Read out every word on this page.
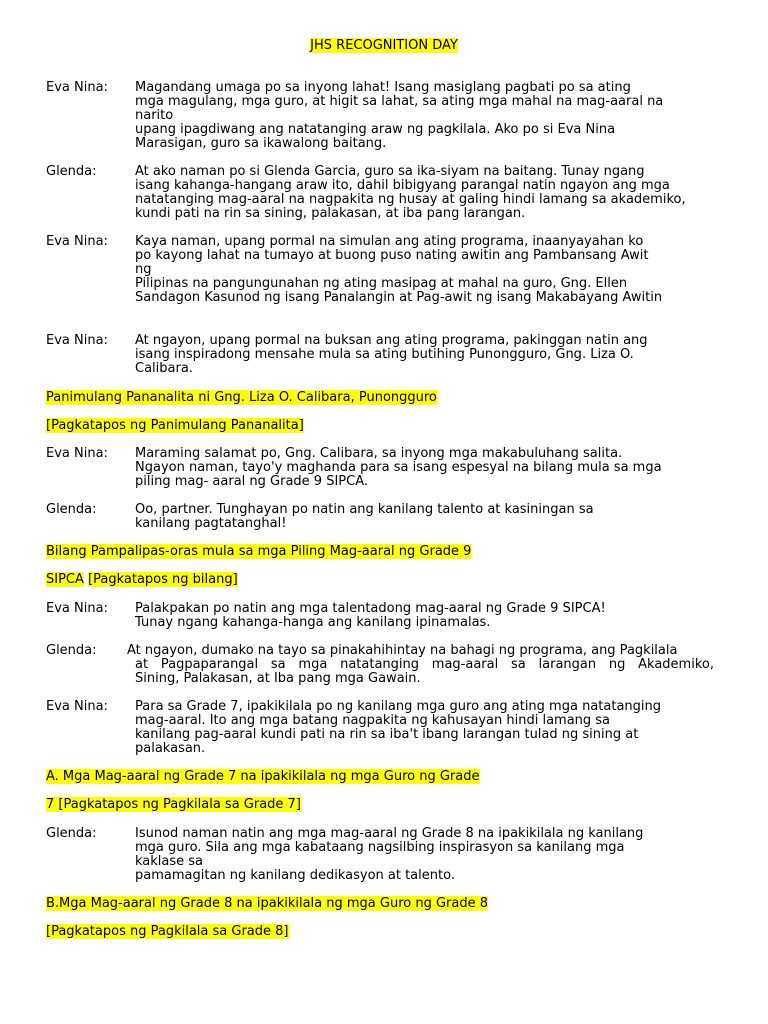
JHS RECOGNITION DAY
Eva Nina: Magandang umaga po sa inyong lahat! Isang masiglang pagbati po sa ating
mga magulang, mga guro, at higit sa lahat, sa ating mga mahal na mag-aaral na
narito
upang ipagdiwang ang natatanging araw ng pagkilala. Ako po si Eva Nina
Marasigan, guro sa ikawalong baitang.
Glenda:	At ako naman po si Glenda Garcia, guro sa ika-siyam na baitang. Tunay ngang
isang kahanga-hangang araw ito, dahil bibigyang parangal natin ngayon ang mga
natatanging mag-aaral na nagpakita ng husay at galing hindi lamang sa akademiko,
kundi pati na rin sa sining, palakasan, at iba pang larangan.
Eva Nina: Kaya naman, upang pormal na simulan ang ating programa, inaanyayahan ko
po kayong lahat na tumayo at buong puso nating awitin ang Pambansang Awit
ng
Pilipinas na pangungunahan ng ating masipag at mahal na guro, Gng. Ellen
Sandagon Kasunod ng isang Panalangin at Pag-awit ng isang Makabayang Awitin
Eva Nina: At ngayon, upang pormal na buksan ang ating programa, pakinggan natin ang
isang inspiradong mensahe mula sa ating butihing Punongguro, Gng. Liza O.
Calibara.
Panimulang Pananalita ni Gng. Liza O. Calibara, Punongguro
[Pagkatapos ng Panimulang Pananalita]
Eva Nina: Maraming salamat po, Gng. Calibara, sa inyong mga makabuluhang salita.
Ngayon naman, tayo'y maghanda para sa isang espesyal na bilang mula sa mga
piling mag- aaral ng Grade 9 SIPCA.
Glenda:	Oo, partner. Tunghayan po natin ang kanilang talento at kasiningan sa
kanilang pagtatanghal!
Bilang Pampalipas-oras mula sa mga Piling Mag-aaral ng Grade 9
SIPCA [Pagkatapos ng bilang]
Eva Nina: Palakpakan po natin ang mga talentadong mag-aaral ng Grade 9 SIPCA!
Tunay ngang kahanga-hanga ang kanilang ipinamalas.
Glenda: At ngayon, dumako na tayo sa pinakahihintay na bahagi ng programa, ang Pagkilala
at Pagpaparangal sa mga natatanging mag-aaral sa larangan ng Akademiko,
Sining, Palakasan, at Iba pang mga Gawain.
Eva Nina: Para sa Grade 7, ipakikilala po ng kanilang mga guro ang ating mga natatanging
mag-aaral. Ito ang mga batang nagpakita ng kahusayan hindi lamang sa
kanilang pag-aaral kundi pati na rin sa iba't ibang larangan tulad ng sining at
palakasan.
A. Mga Mag-aaral ng Grade 7 na ipakikilala ng mga Guro ng Grade
7 [Pagkatapos ng Pagkilala sa Grade 7]
Glenda:	Isunod naman natin ang mga mag-aaral ng Grade 8 na ipakikilala ng kanilang
mga guro. Sila ang mga kabataang nagsilbing inspirasyon sa kanilang mga
kaklase sa
pamamagitan ng kanilang dedikasyon at talento.
B.Mga Mag-aaral ng Grade 8 na ipakikilala ng mga Guro ng Grade 8
[Pagkatapos ng Pagkilala sa Grade 8]
